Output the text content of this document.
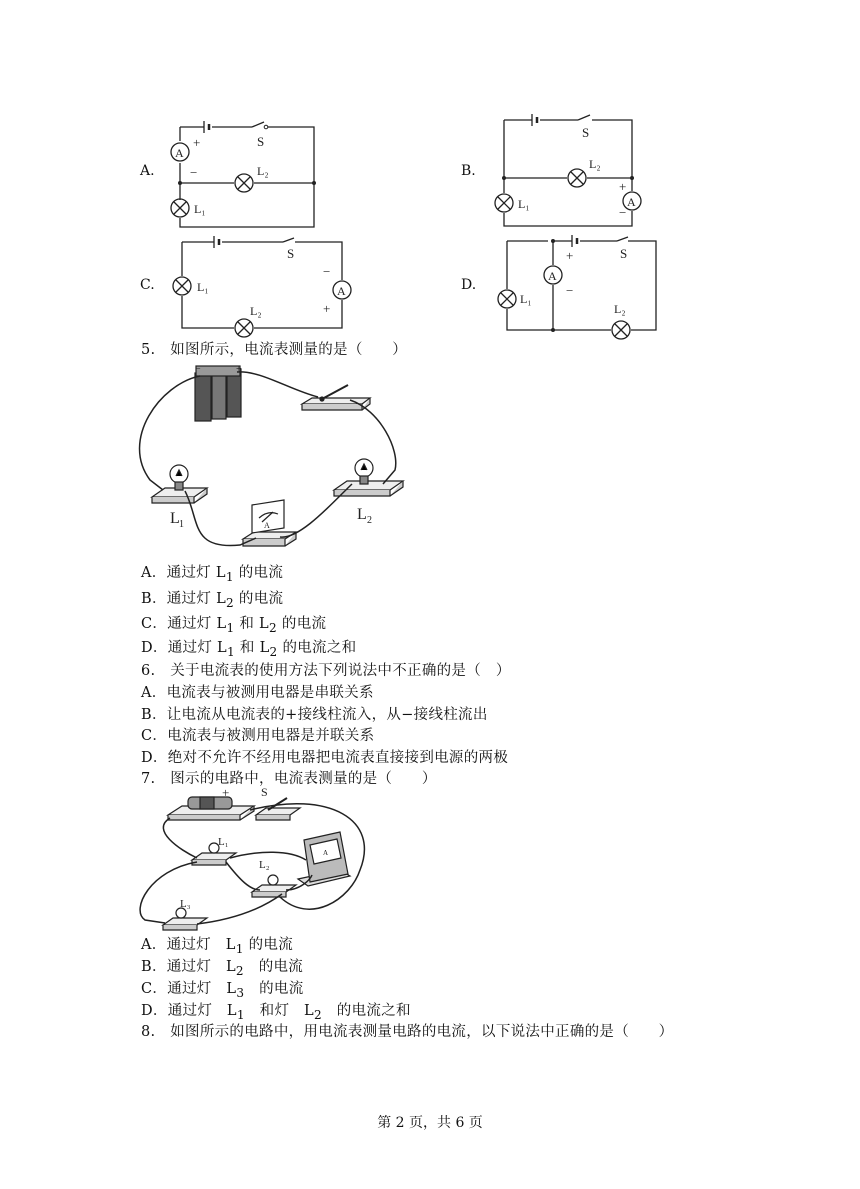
A.	B.
C.	D.
A
+
−
S
L₂
L₁	A
+
−
S
L₂
L₁
A
−
+
S
L₁
L₂
A
+
−
S
L₁
L₂
5.　如图所示，电流表测量的是（　　）
−	+
A
L 1
L 2
A．通过灯 $L_1$ 的电流
B．通过灯 $L_2$ 的电流
C．通过灯 $L_1$ 和 $L_2$ 的电流
D．通过灯 $L_1$ 和 $L_2$ 的电流之和
6.　关于电流表的使用方法下列说法中不正确的是（　）
A．电流表与被测用电器是串联关系
B．让电流从电流表的+接线柱流入，从−接线柱流出
C．电流表与被测用电器是并联关系
D．绝对不允许不经用电器把电流表直接接到电源的两极
7.　图示的电路中，电流表测量的是（　　）
+	S
L₁
L₂
L₃
A
A．通过灯　$L_1$ 的电流
B．通过灯　$L_2$　的电流
C．通过灯　$L_3$　的电流
D．通过灯　$L_1$　和灯　$L_2$　的电流之和
8.　如图所示的电路中，用电流表测量电路的电流，以下说法中正确的是（　　）
第 2 页，共 6 页
